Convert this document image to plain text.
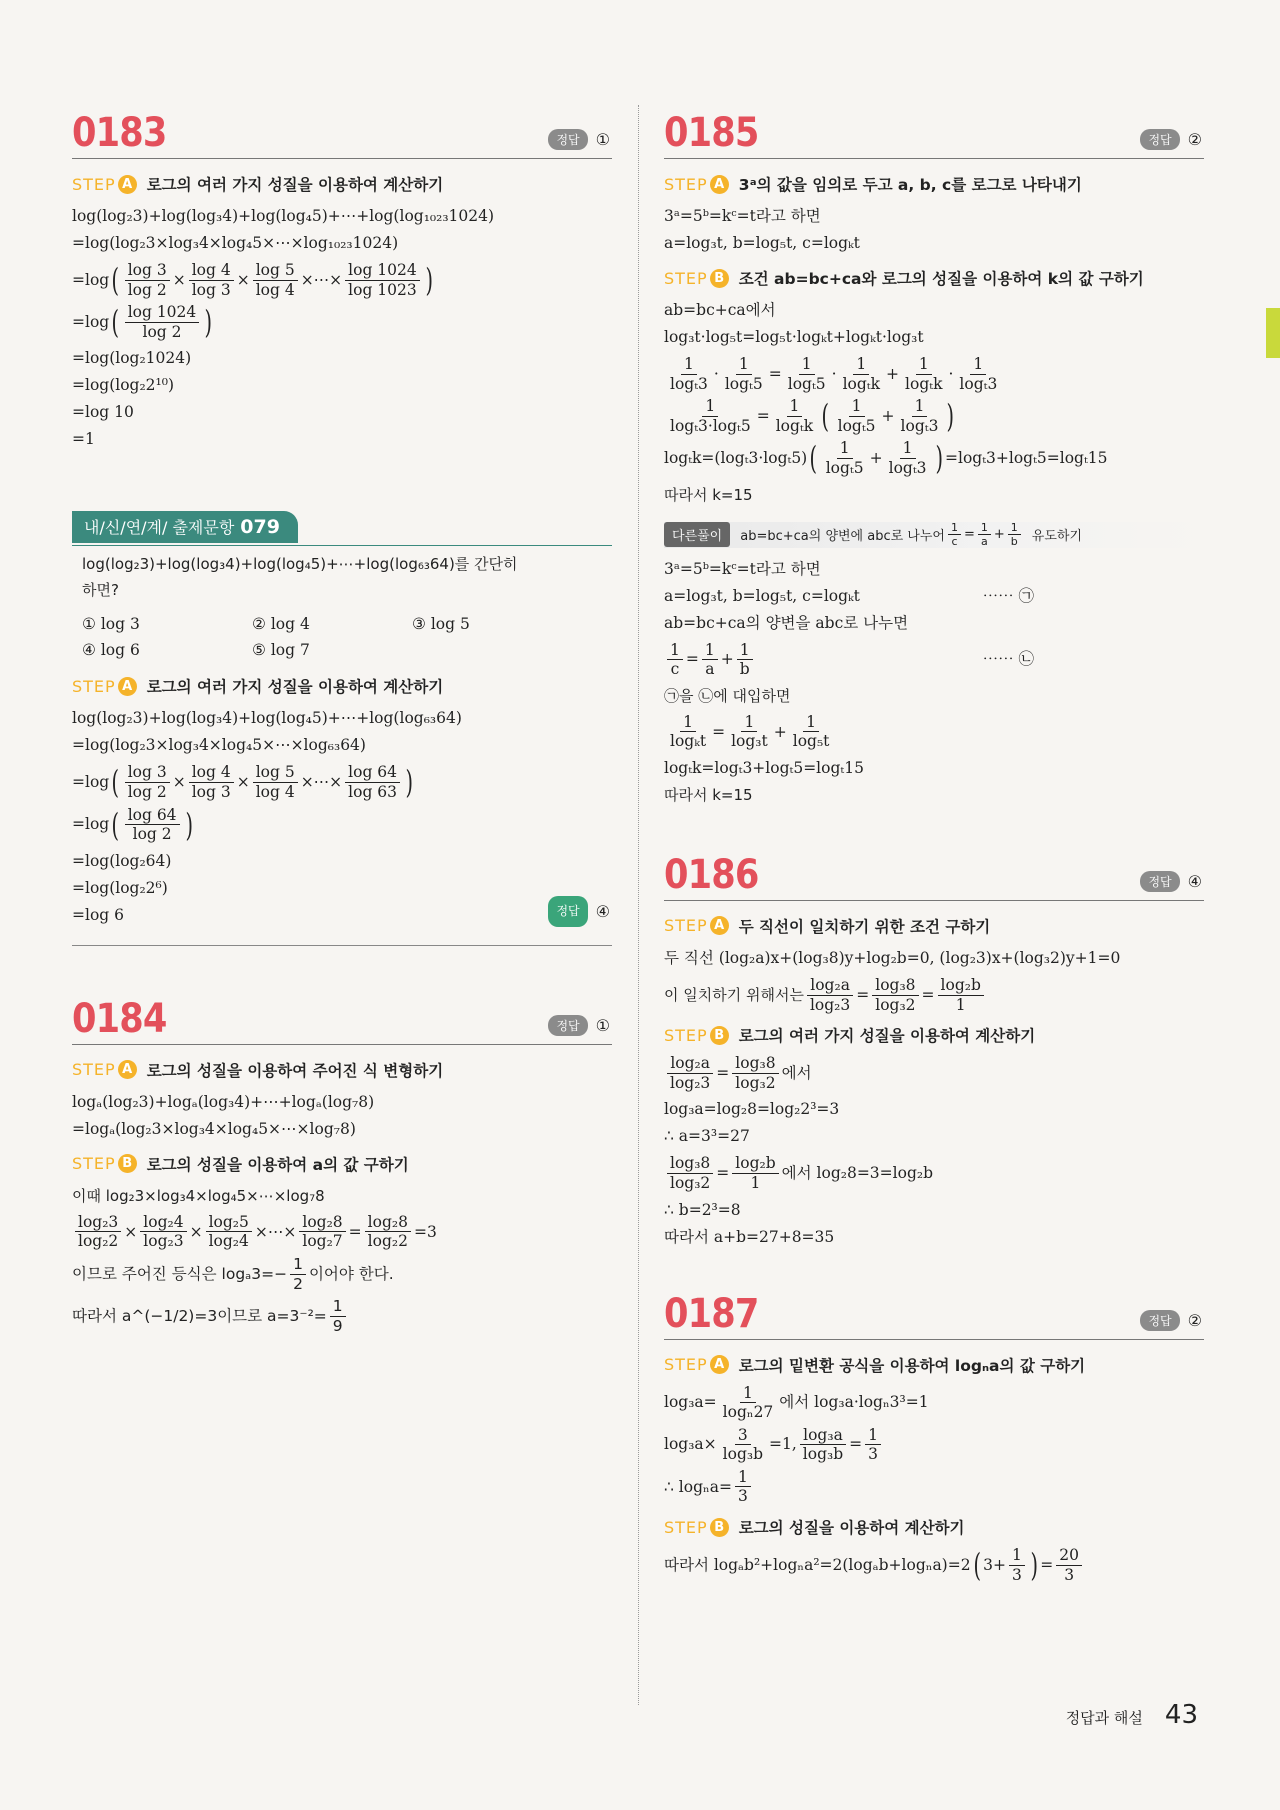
0183	정답	①
STEP A 로그의 여러 가지 성질을 이용하여 계산하기
log(log₂3)+log(log₃4)+log(log₄5)+⋯+log(log₁₀₂₃1024)
=log(log₂3×log₃4×log₄5×⋯×log₁₀₂₃1024)
=log ( $\frac{\log 3}{\log 2} \times \frac{\log 4}{\log 3} \times \frac{\log 5}{\log 4}$ ×⋯× $\frac{\log 1024}{\log 1023}$ )
=log ( $\frac{\log 1024}{\log 2}$ )
=log(log₂1024)
=log(log₂2¹⁰)
=log 10
=1
내/신/연/계/ 출제문항 079
log(log₂3)+log(log₃4)+log(log₄5)+⋯+log(log₆₃64)를 간단히
하면?
① log 3	② log 4	③ log 5
④ log 6	⑤ log 7
STEP A 로그의 여러 가지 성질을 이용하여 계산하기
log(log₂3)+log(log₃4)+log(log₄5)+⋯+log(log₆₃64)
=log(log₂3×log₃4×log₄5×⋯×log₆₃64)
=log ( $\frac{\log 3}{\log 2} \times \frac{\log 4}{\log 3} \times \frac{\log 5}{\log 4}$ ×⋯× $\frac{\log 64}{\log 63}$ )
=log ( $\frac{\log 64}{\log 2}$ )
=log(log₂64)
=log(log₂2⁶)
=log 6	정답	④
0184	정답	①
STEP A 로그의 성질을 이용하여 주어진 식 변형하기
logₐ(log₂3)+logₐ(log₃4)+⋯+logₐ(log₇8)
=logₐ(log₂3×log₃4×log₄5×⋯×log₇8)
STEP B 로그의 성질을 이용하여 a의 값 구하기
이때 log₂3×log₃4×log₄5×⋯×log₇8
$\frac{\text{log₂3}}{\text{log₂2}} \times \frac{\text{log₂4}}{\text{log₂3}} \times \frac{\text{log₂5}}{\text{log₂4}}$ ×⋯× $\frac{\text{log₂8}}{\text{log₂7}} = \frac{\text{log₂8}}{\text{log₂2}} =3$
이므로 주어진 등식은 $\log_a3=- \frac{1}{2}$ 이어야 한다.
따라서 a^(−1/2)=3이므로 $a=3^{-2}= \frac{1}{9}$
0185	정답	②
STEP A 3ᵃ의 값을 임의로 두고 a, b, c를 로그로 나타내기
3ᵃ=5ᵇ=kᶜ=t라고 하면
a=log₃t, b=log₅t, c=logₖt
STEP B 조건 ab=bc+ca와 로그의 성질을 이용하여 k의 값 구하기
ab=bc+ca에서
log₃t·log₅t=log₅t·logₖt+logₖt·log₃t
$\frac{1}{\text{logₜ3}} \cdot \frac{1}{\text{logₜ5}} = \frac{1}{\text{logₜ5}} \cdot \frac{1}{\text{logₜk}} + \frac{1}{\text{logₜk}} \cdot \frac{1}{\text{logₜ3}}$
$\frac{1}{\text{logₜ3·logₜ5}} = \frac{1}{\text{logₜk}}$ ( $\frac{1}{\text{logₜ5}} + \frac{1}{\text{logₜ3}}$ )
logₜk=(logₜ3·logₜ5) ( $\frac{1}{\text{logₜ5}} + \frac{1}{\text{logₜ3}}$ ) =logₜ3+logₜ5=logₜ15
따라서 k=15
다른풀이	ab=bc+ca의 양변에 abc로 나누어 $\frac{1}{c} = \frac{1}{a} + \frac{1}{b}$ 유도하기
3ᵃ=5ᵇ=kᶜ=t라고 하면
a=log₃t, b=log₅t, c=logₖt	⋯⋯ ㉠
ab=bc+ca의 양변을 abc로 나누면
$\frac{1}{c} = \frac{1}{a} + \frac{1}{b}$	⋯⋯ ㉡
㉠을 ㉡에 대입하면
$\frac{1}{\text{logₖt}} = \frac{1}{\text{log₃t}} + \frac{1}{\text{log₅t}}$
logₜk=logₜ3+logₜ5=logₜ15
따라서 k=15
0186	정답	④
STEP A 두 직선이 일치하기 위한 조건 구하기
두 직선 (log₂a)x+(log₃8)y+log₂b=0, (log₂3)x+(log₃2)y+1=0
이 일치하기 위해서는 $\frac{\text{log₂a}}{\text{log₂3}} = \frac{\text{log₃8}}{\text{log₃2}} = \frac{\text{log₂b}}{1}$
STEP B 로그의 여러 가지 성질을 이용하여 계산하기
$\frac{\text{log₂a}}{\text{log₂3}} = \frac{\text{log₃8}}{\text{log₃2}}$ 에서
log₃a=log₂8=log₂2³=3
∴ a=3³=27
$\frac{\text{log₃8}}{\text{log₃2}} = \frac{\text{log₂b}}{1}$ 에서 log₂8=3=log₂b
∴ b=2³=8
따라서 a+b=27+8=35
0187	정답	②
STEP A 로그의 밑변환 공식을 이용하여 logₙa의 값 구하기
$\log_3a= \frac{1}{\text{logₙ27}}$ 에서 log₃a·logₙ3³=1
$\log_3a\times \frac{3}{\text{log₃b}} =1$, $\frac{\text{log₃a}}{\text{log₃b}} = \frac{1}{3}$
∴ $\log_na= \frac{1}{3}$
STEP B 로그의 성질을 이용하여 계산하기
따라서 logₐb²+logₙa²=2(logₐb+logₙa)=2 ( $3+ \frac{1}{3}$ ) = $\frac{20}{3}$
정답과 해설 43
